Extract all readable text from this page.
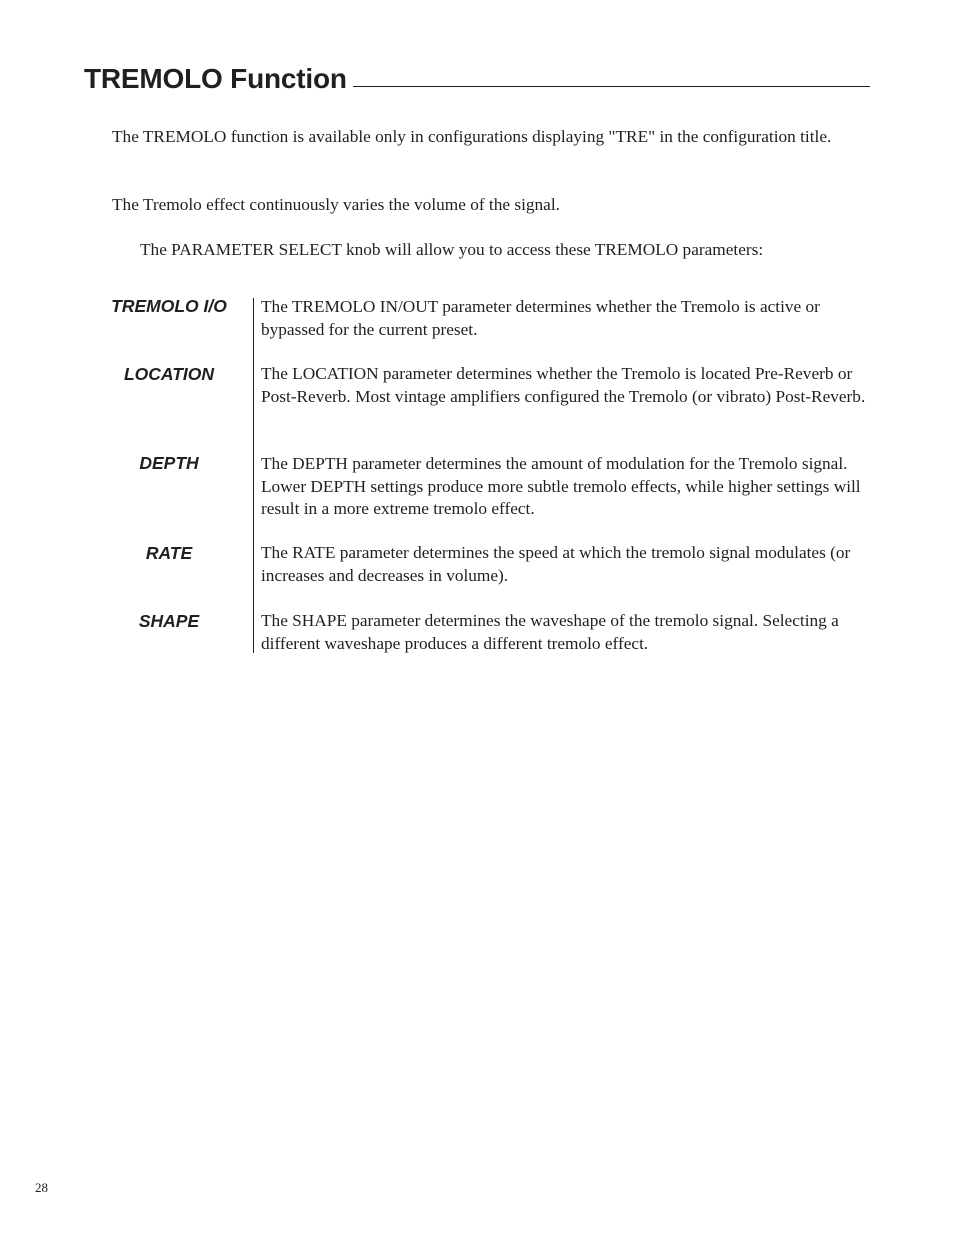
TREMOLO Function

The TREMOLO function is available only in configurations displaying "TRE" in the configuration title.

The Tremolo effect continuously varies the volume of the signal.

The PARAMETER SELECT knob will allow you to access these TREMOLO parameters:

TREMOLO I/O	The TREMOLO IN/OUT parameter determines whether the Tremolo is active or bypassed for the current preset.

LOCATION	The LOCATION parameter determines whether the Tremolo is located Pre-Reverb or Post-Reverb. Most vintage amplifiers configured the Tremolo (or vibrato) Post-Reverb.

DEPTH	The DEPTH parameter determines the amount of modulation for the Tremolo signal. Lower DEPTH settings produce more subtle tremolo effects, while higher settings will result in a more extreme tremolo effect.

RATE	The RATE parameter determines the speed at which the tremolo signal modulates (or increases and decreases in volume).

SHAPE	The SHAPE parameter determines the waveshape of the tremolo signal. Selecting a different waveshape produces a different tremolo effect.

28
